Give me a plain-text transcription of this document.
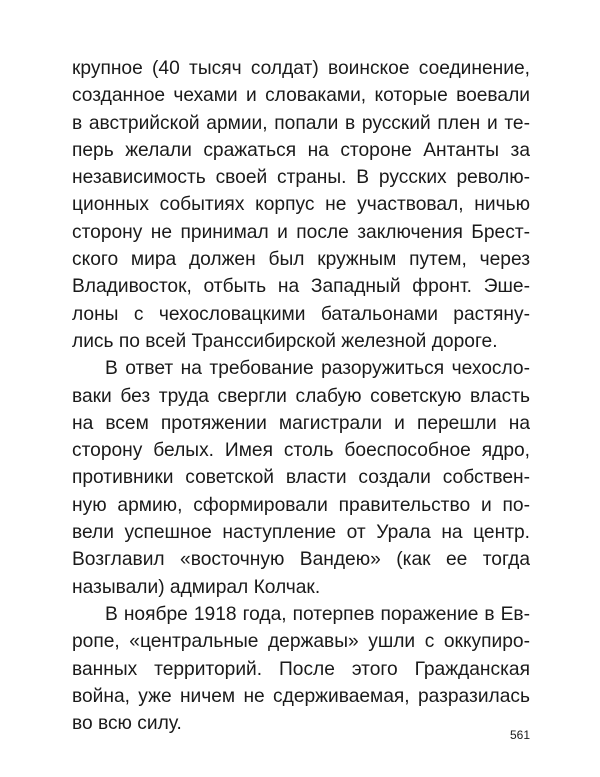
крупное (40 тысяч солдат) воинское соединение,
созданное чехами и словаками, которые воевали
в австрийской армии, попали в русский плен и те-
перь желали сражаться на стороне Антанты за
независимость своей страны. В русских револю-
ционных событиях корпус не участвовал, ничью
сторону не принимал и после заключения Брест-
ского мира должен был кружным путем, через
Владивосток, отбыть на Западный фронт. Эше-
лоны с чехословацкими батальонами растяну-
лись по всей Транссибирской железной дороге.
В ответ на требование разоружиться чехосло-
ваки без труда свергли слабую советскую власть
на всем протяжении магистрали и перешли на
сторону белых. Имея столь боеспособное ядро,
противники советской власти создали собствен-
ную армию, сформировали правительство и по-
вели успешное наступление от Урала на центр.
Возглавил «восточную Вандею» (как ее тогда
называли) адмирал Колчак.
В ноябре 1918 года, потерпев поражение в Ев-
ропе, «центральные державы» ушли с оккупиро-
ванных территорий. После этого Гражданская
война, уже ничем не сдерживаемая, разразилась
во всю силу.
561
